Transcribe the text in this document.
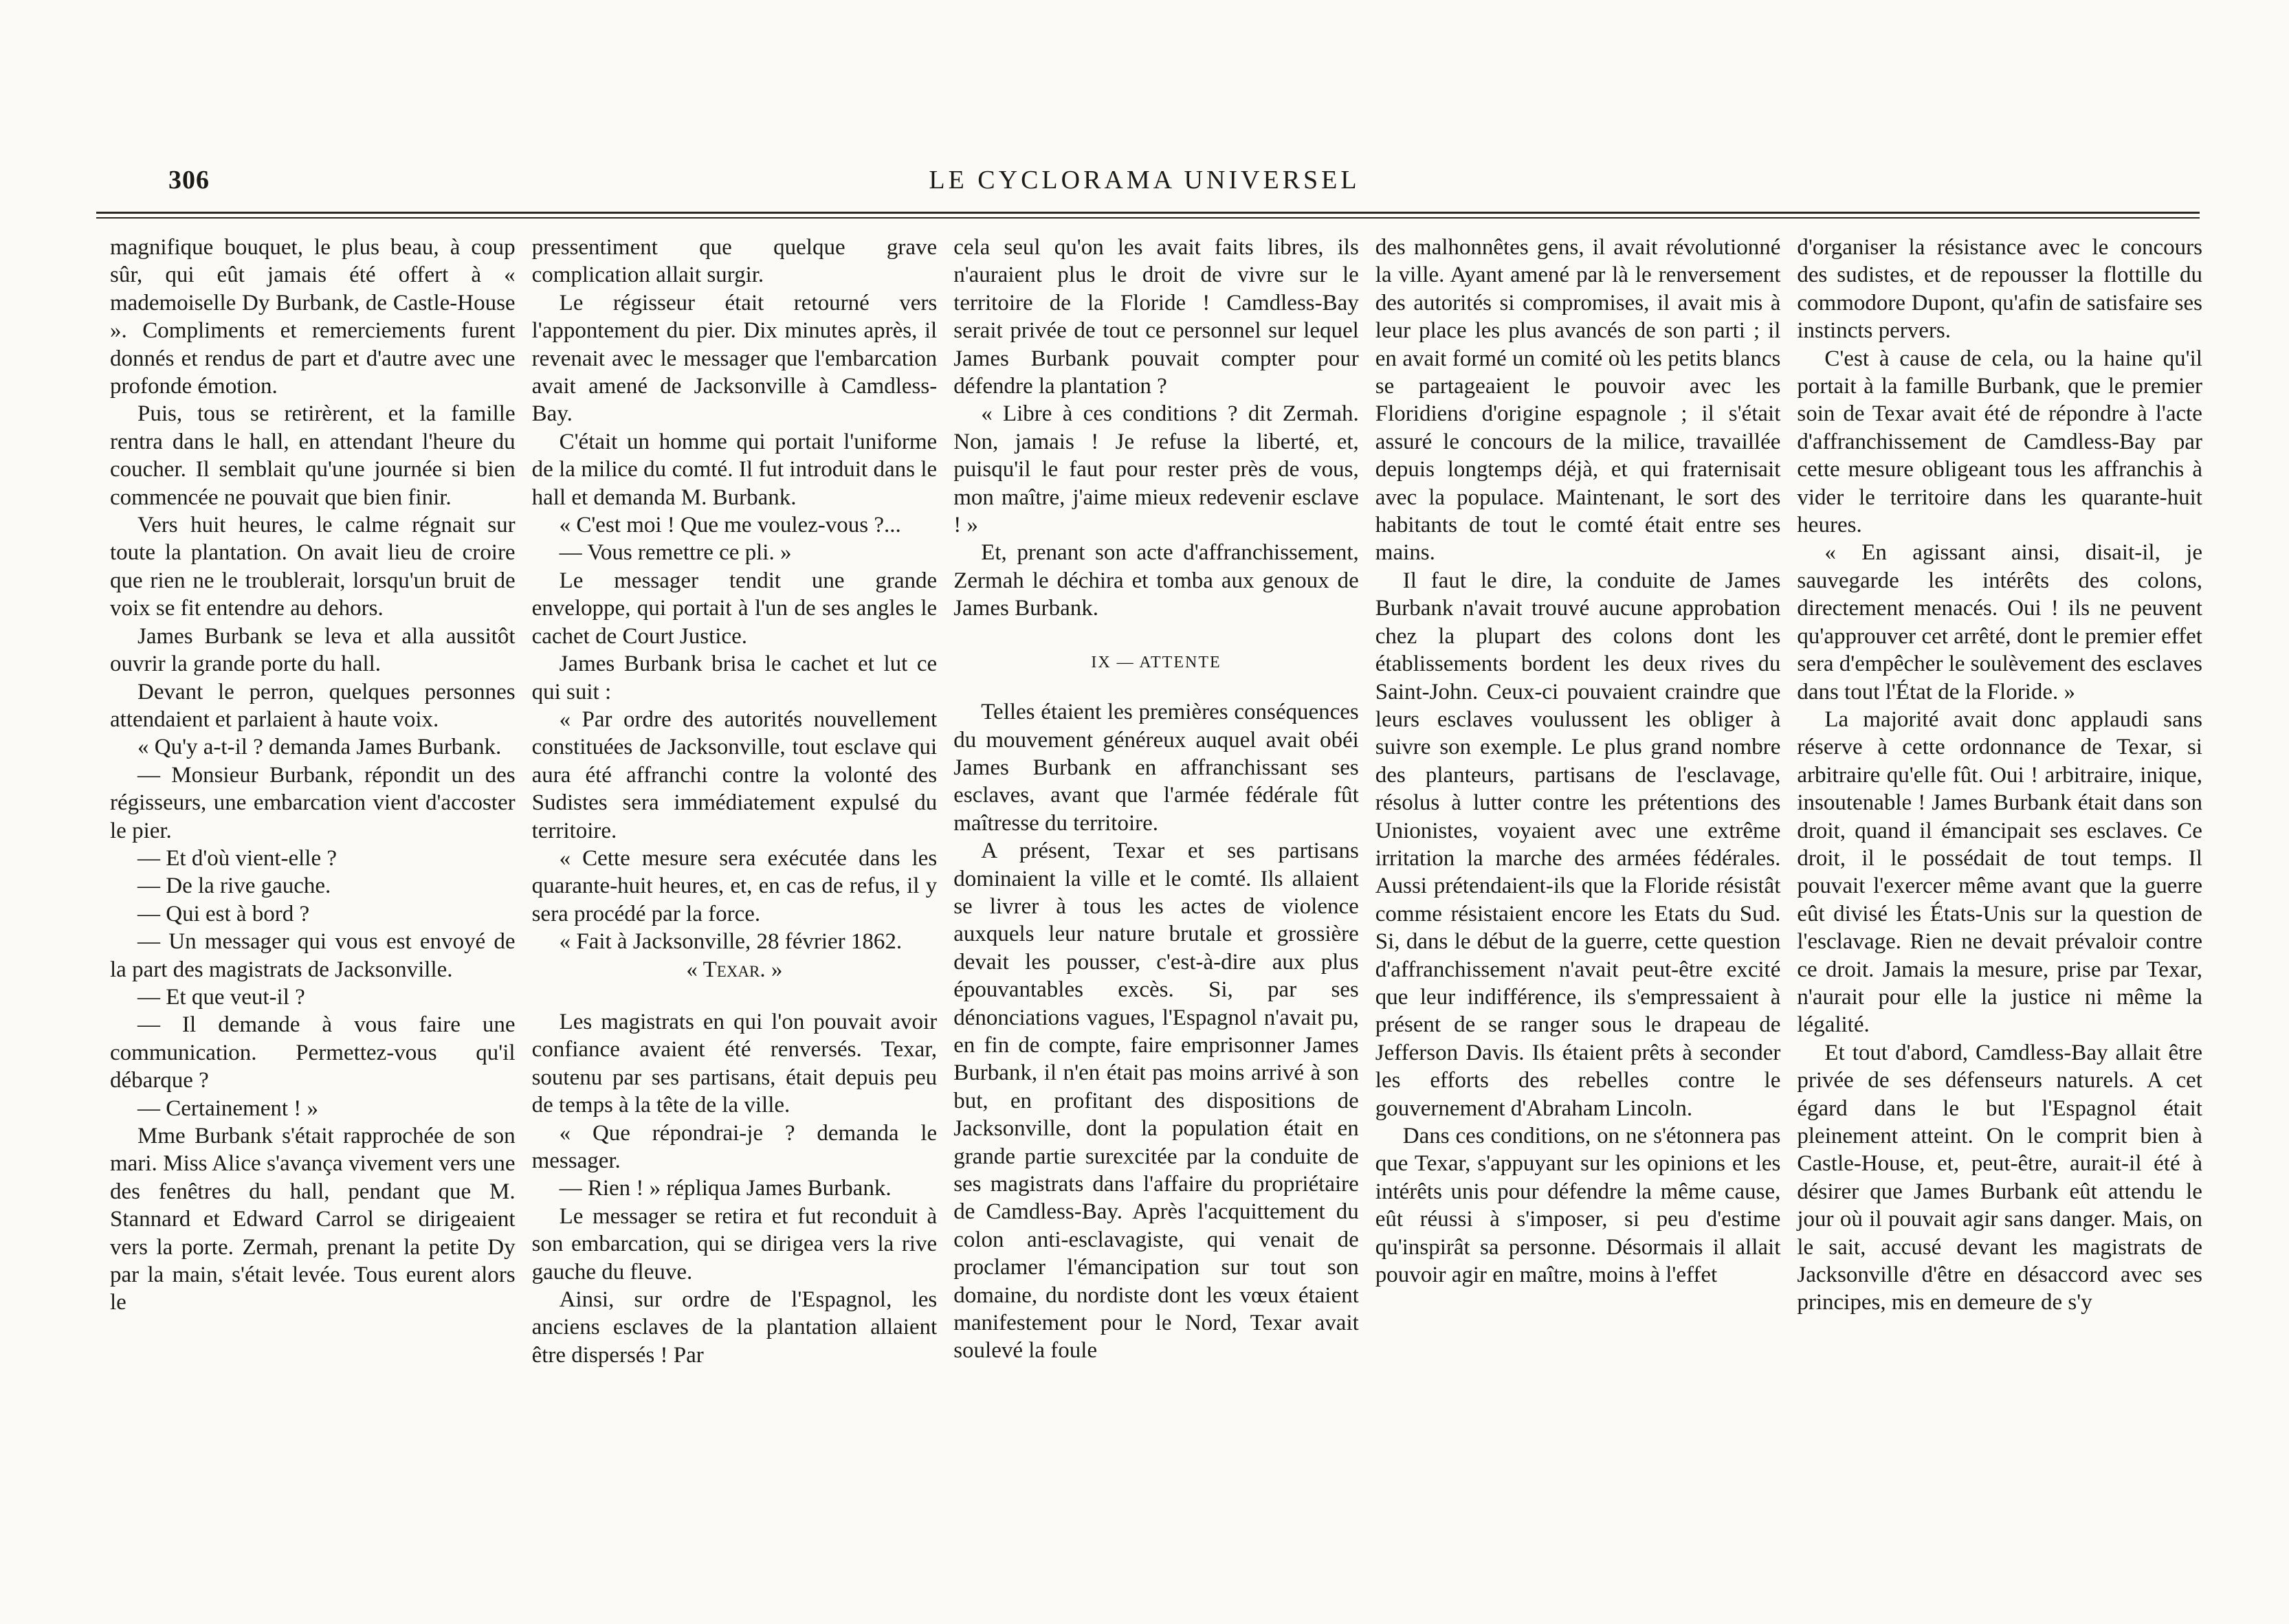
306	LE CYCLORAMA UNIVERSEL

magnifique bouquet, le plus beau, à coup sûr, qui eût jamais été offert à « mademoiselle Dy Burbank, de Castle-House ». Compliments et remerciements furent donnés et rendus de part et d'autre avec une profonde émotion.

Puis, tous se retirèrent, et la famille rentra dans le hall, en attendant l'heure du coucher. Il semblait qu'une journée si bien commencée ne pouvait que bien finir.

Vers huit heures, le calme régnait sur toute la plantation. On avait lieu de croire que rien ne le troublerait, lorsqu'un bruit de voix se fit entendre au dehors.

James Burbank se leva et alla aussitôt ouvrir la grande porte du hall.

Devant le perron, quelques personnes attendaient et parlaient à haute voix.

« Qu'y a-t-il ? demanda James Burbank.

— Monsieur Burbank, répondit un des régisseurs, une embarcation vient d'accoster le pier.

— Et d'où vient-elle ?

— De la rive gauche.

— Qui est à bord ?

— Un messager qui vous est envoyé de la part des magistrats de Jacksonville.

— Et que veut-il ?

— Il demande à vous faire une communication. Permettez-vous qu'il débarque ?

— Certainement ! »

Mme Burbank s'était rapprochée de son mari. Miss Alice s'avança vivement vers une des fenêtres du hall, pendant que M. Stannard et Edward Carrol se dirigeaient vers la porte. Zermah, prenant la petite Dy par la main, s'était levée. Tous eurent alors le

pressentiment que quelque grave complication allait surgir.

Le régisseur était retourné vers l'appontement du pier. Dix minutes après, il revenait avec le messager que l'embarcation avait amené de Jacksonville à Camdless-Bay.

C'était un homme qui portait l'uniforme de la milice du comté. Il fut introduit dans le hall et demanda M. Burbank.

« C'est moi ! Que me voulez-vous ?...

— Vous remettre ce pli. »

Le messager tendit une grande enveloppe, qui portait à l'un de ses angles le cachet de Court Justice.

James Burbank brisa le cachet et lut ce qui suit :

« Par ordre des autorités nouvellement constituées de Jacksonville, tout esclave qui aura été affranchi contre la volonté des Sudistes sera immédiatement expulsé du territoire.

« Cette mesure sera exécutée dans les quarante-huit heures, et, en cas de refus, il y sera procédé par la force.

« Fait à Jacksonville, 28 février 1862.

« Texar. »

Les magistrats en qui l'on pouvait avoir confiance avaient été renversés. Texar, soutenu par ses partisans, était depuis peu de temps à la tête de la ville.

« Que répondrai-je ? demanda le messager.

— Rien ! » répliqua James Burbank.

Le messager se retira et fut reconduit à son embarcation, qui se dirigea vers la rive gauche du fleuve.

Ainsi, sur ordre de l'Espagnol, les anciens esclaves de la plantation allaient être dispersés ! Par

cela seul qu'on les avait faits libres, ils n'auraient plus le droit de vivre sur le territoire de la Floride ! Camdless-Bay serait privée de tout ce personnel sur lequel James Burbank pouvait compter pour défendre la plantation ?

« Libre à ces conditions ? dit Zermah. Non, jamais ! Je refuse la liberté, et, puisqu'il le faut pour rester près de vous, mon maître, j'aime mieux redevenir esclave ! »

Et, prenant son acte d'affranchissement, Zermah le déchira et tomba aux genoux de James Burbank.

IX — ATTENTE

Telles étaient les premières conséquences du mouvement généreux auquel avait obéi James Burbank en affranchissant ses esclaves, avant que l'armée fédérale fût maîtresse du territoire.

A présent, Texar et ses partisans dominaient la ville et le comté. Ils allaient se livrer à tous les actes de violence auxquels leur nature brutale et grossière devait les pousser, c'est-à-dire aux plus épouvantables excès. Si, par ses dénonciations vagues, l'Espagnol n'avait pu, en fin de compte, faire emprisonner James Burbank, il n'en était pas moins arrivé à son but, en profitant des dispositions de Jacksonville, dont la population était en grande partie surexcitée par la conduite de ses magistrats dans l'affaire du propriétaire de Camdless-Bay. Après l'acquittement du colon anti-esclavagiste, qui venait de proclamer l'émancipation sur tout son domaine, du nordiste dont les vœux étaient manifestement pour le Nord, Texar avait soulevé la foule

des malhonnêtes gens, il avait révolutionné la ville. Ayant amené par là le renversement des autorités si compromises, il avait mis à leur place les plus avancés de son parti ; il en avait formé un comité où les petits blancs se partageaient le pouvoir avec les Floridiens d'origine espagnole ; il s'était assuré le concours de la milice, travaillée depuis longtemps déjà, et qui fraternisait avec la populace. Maintenant, le sort des habitants de tout le comté était entre ses mains.

Il faut le dire, la conduite de James Burbank n'avait trouvé aucune approbation chez la plupart des colons dont les établissements bordent les deux rives du Saint-John. Ceux-ci pouvaient craindre que leurs esclaves voulussent les obliger à suivre son exemple. Le plus grand nombre des planteurs, partisans de l'esclavage, résolus à lutter contre les prétentions des Unionistes, voyaient avec une extrême irritation la marche des armées fédérales. Aussi prétendaient-ils que la Floride résistât comme résistaient encore les Etats du Sud. Si, dans le début de la guerre, cette question d'affranchissement n'avait peut-être excité que leur indifférence, ils s'empressaient à présent de se ranger sous le drapeau de Jefferson Davis. Ils étaient prêts à seconder les efforts des rebelles contre le gouvernement d'Abraham Lincoln.

Dans ces conditions, on ne s'étonnera pas que Texar, s'appuyant sur les opinions et les intérêts unis pour défendre la même cause, eût réussi à s'imposer, si peu d'estime qu'inspirât sa personne. Désormais il allait pouvoir agir en maître, moins à l'effet

d'organiser la résistance avec le concours des sudistes, et de repousser la flottille du commodore Dupont, qu'afin de satisfaire ses instincts pervers.

C'est à cause de cela, ou la haine qu'il portait à la famille Burbank, que le premier soin de Texar avait été de répondre à l'acte d'affranchissement de Camdless-Bay par cette mesure obligeant tous les affranchis à vider le territoire dans les quarante-huit heures.

« En agissant ainsi, disait-il, je sauvegarde les intérêts des colons, directement menacés. Oui ! ils ne peuvent qu'approuver cet arrêté, dont le premier effet sera d'empêcher le soulèvement des esclaves dans tout l'État de la Floride. »

La majorité avait donc applaudi sans réserve à cette ordonnance de Texar, si arbitraire qu'elle fût. Oui ! arbitraire, inique, insoutenable ! James Burbank était dans son droit, quand il émancipait ses esclaves. Ce droit, il le possédait de tout temps. Il pouvait l'exercer même avant que la guerre eût divisé les États-Unis sur la question de l'esclavage. Rien ne devait prévaloir contre ce droit. Jamais la mesure, prise par Texar, n'aurait pour elle la justice ni même la légalité.

Et tout d'abord, Camdless-Bay allait être privée de ses défenseurs naturels. A cet égard dans le but l'Espagnol était pleinement atteint. On le comprit bien à Castle-House, et, peut-être, aurait-il été à désirer que James Burbank eût attendu le jour où il pouvait agir sans danger. Mais, on le sait, accusé devant les magistrats de Jacksonville d'être en désaccord avec ses principes, mis en demeure de s'y
